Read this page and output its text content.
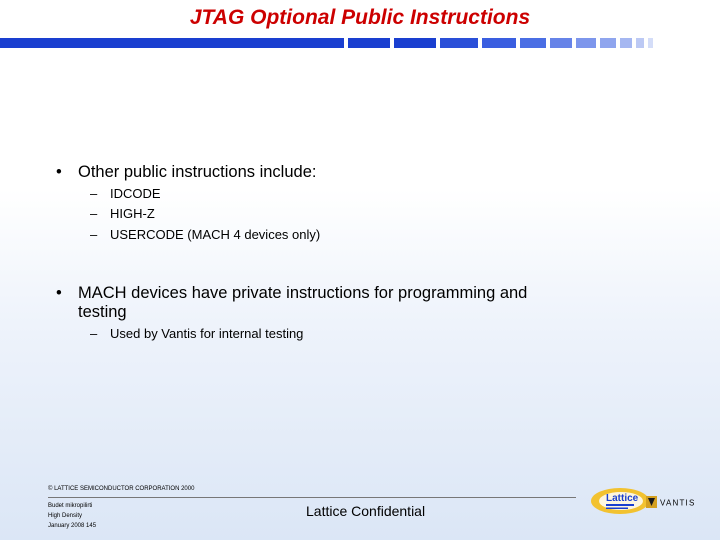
JTAG Optional Public Instructions
• Other public instructions include:
– IDCODE
– HIGH-Z
– USERCODE (MACH 4 devices only)
• MACH devices have private instructions for programming and
testing
– Used by Vantis for internal testing
© LATTICE SEMICONDUCTOR CORPORATION 2000
Budet mikropilirti
High Density
January 2008 145
Lattice Confidential
Lattice	VANTIS
